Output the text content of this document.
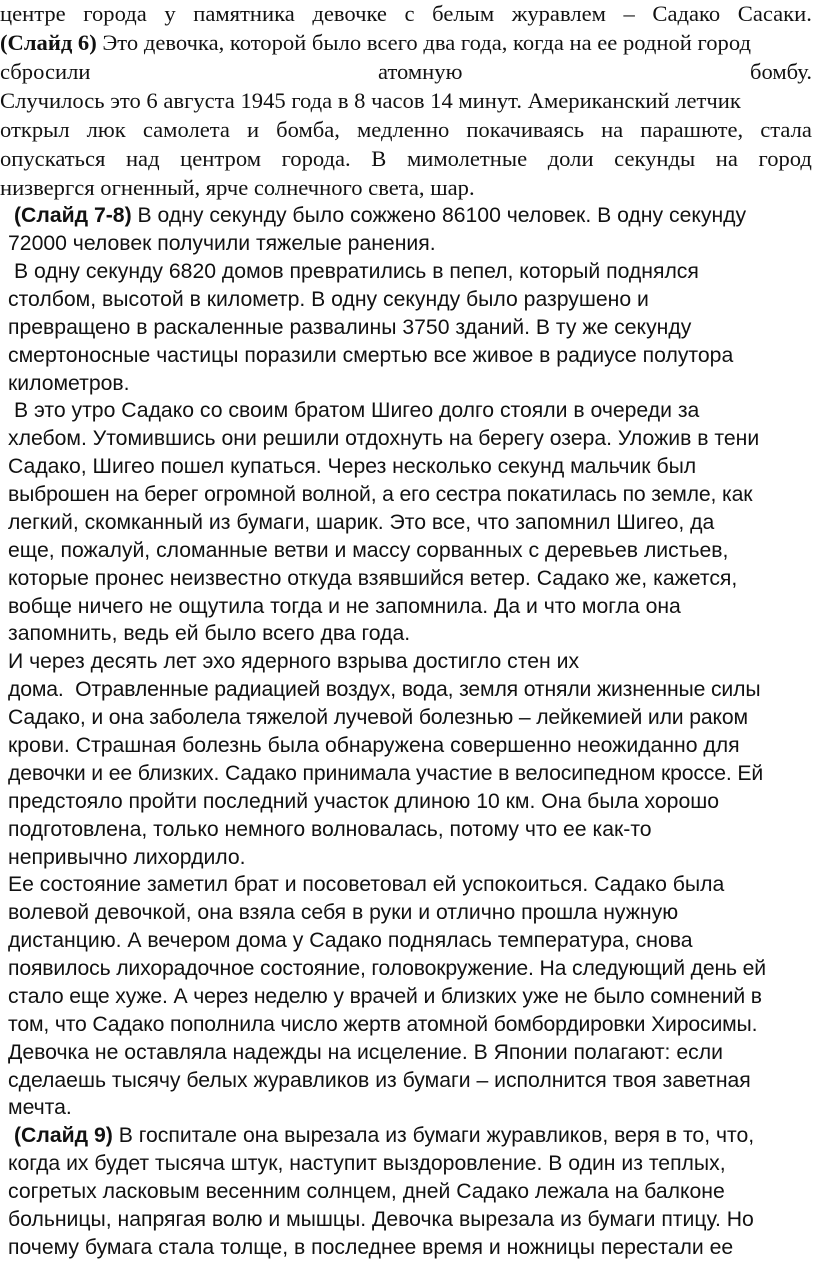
центре города у памятника девочке с белым журавлем – Садако Сасаки.
(Слайд 6) Это девочка, которой было всего два года, когда на ее родной город
сбросили	атомную	бомбу.
Случилось это 6 августа 1945 года в 8 часов 14 минут. Американский летчик
открыл люк самолета и бомба, медленно покачиваясь на парашюте, стала
опускаться над центром города. В мимолетные доли секунды на город
низвергся огненный, ярче солнечного света, шар.
(Слайд 7-8) В одну секунду было сожжено 86100 человек. В одну секунду
72000 человек получили тяжелые ранения.
В одну секунду 6820 домов превратились в пепел, который поднялся
столбом, высотой в километр. В одну секунду было разрушено и
превращено в раскаленные развалины 3750 зданий. В ту же секунду
смертоносные частицы поразили смертью все живое в радиусе полутора
километров.
В это утро Садако со своим братом Шигео долго стояли в очереди за
хлебом. Утомившись они решили отдохнуть на берегу озера. Уложив в тени
Садако, Шигео пошел купаться. Через несколько секунд мальчик был
выброшен на берег огромной волной, а его сестра покатилась по земле, как
легкий, скомканный из бумаги, шарик. Это все, что запомнил Шигео, да
еще, пожалуй, сломанные ветви и массу сорванных с деревьев листьев,
которые пронес неизвестно откуда взявшийся ветер. Садако же, кажется,
вобще ничего не ощутила тогда и не запомнила. Да и что могла она
запомнить, ведь ей было всего два года.
И через десять лет эхо ядерного взрыва достигло стен их
дома.  Отравленные радиацией воздух, вода, земля отняли жизненные силы
Садако, и она заболела тяжелой лучевой болезнью – лейкемией или раком
крови. Страшная болезнь была обнаружена совершенно неожиданно для
девочки и ее близких. Садако принимала участие в велосипедном кроссе. Ей
предстояло пройти последний участок длиною 10 км. Она была хорошо
подготовлена, только немного волновалась, потому что ее как-то
непривычно лихордило.
Ее состояние заметил брат и посоветовал ей успокоиться. Садако была
волевой девочкой, она взяла себя в руки и отлично прошла нужную
дистанцию. А вечером дома у Садако поднялась температура, снова
появилось лихорадочное состояние, головокружение. На следующий день ей
стало еще хуже. А через неделю у врачей и близких уже не было сомнений в
том, что Садако пополнила число жертв атомной бомбордировки Хиросимы.
Девочка не оставляла надежды на исцеление. В Японии полагают: если
сделаешь тысячу белых журавликов из бумаги – исполнится твоя заветная
мечта.
(Слайд 9) В госпитале она вырезала из бумаги журавликов, веря в то, что,
когда их будет тысяча штук, наступит выздоровление. В один из теплых,
согретых ласковым весенним солнцем, дней Садако лежала на балконе
больницы, напрягая волю и мышцы. Девочка вырезала из бумаги птицу. Но
почему бумага стала толще, в последнее время и ножницы перестали ее
